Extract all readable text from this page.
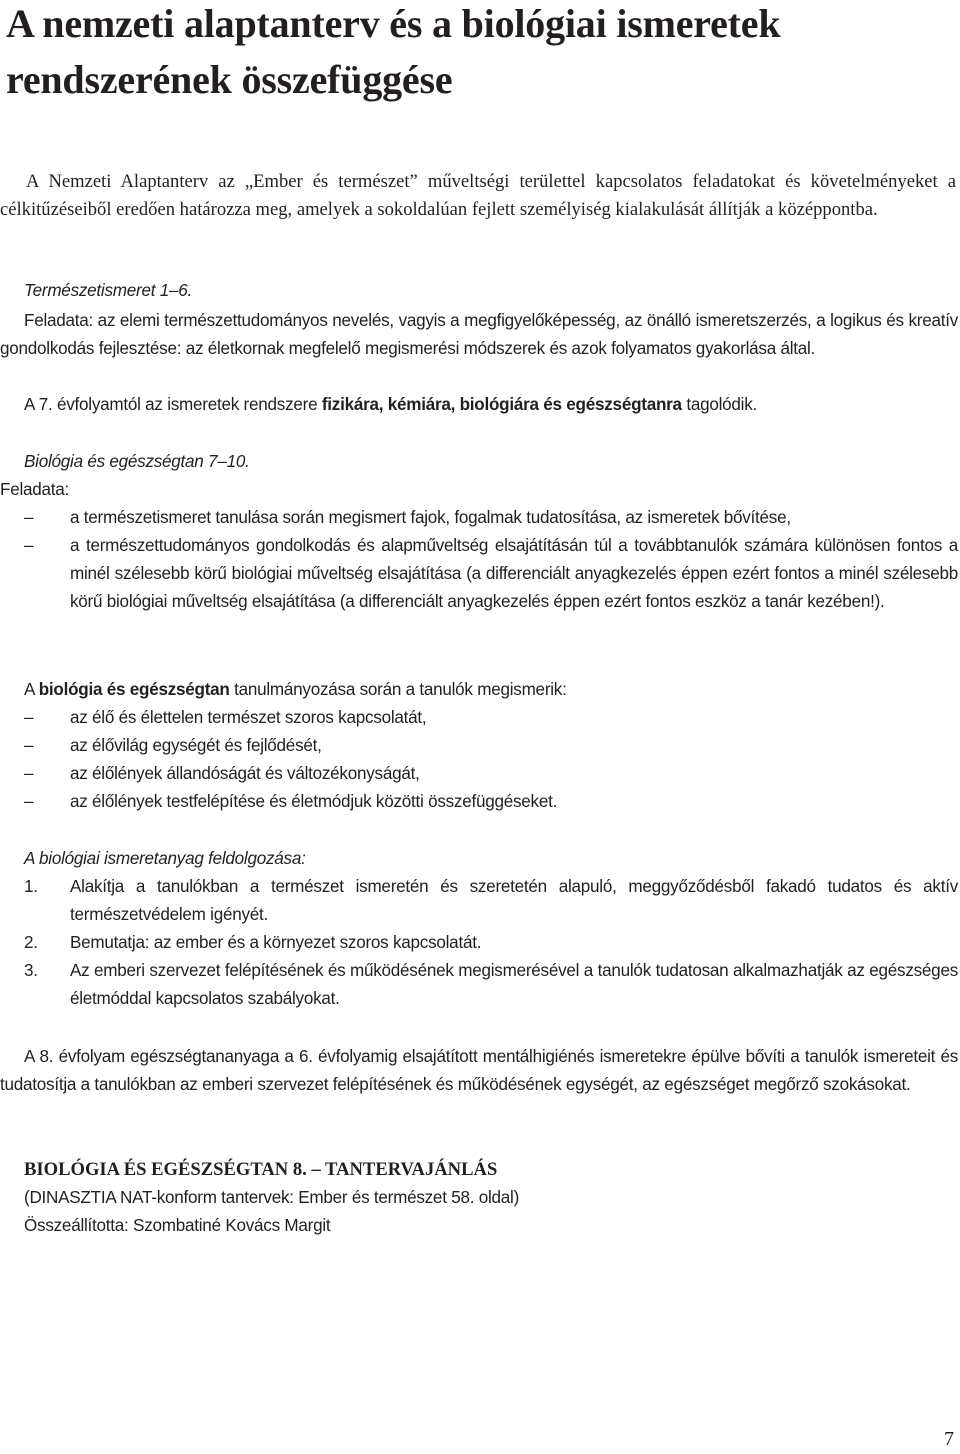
A nemzeti alaptanterv és a biológiai ismeretek
rendszerének összefüggése

A Nemzeti Alaptanterv az „Ember és természet” műveltségi területtel kapcsolatos feladatokat és követelményeket a célkitűzéseiből eredően határozza meg, amelyek a sokoldalúan fejlett személyiség kialakulását állítják a középpontba.

Természetismeret 1–6.

Feladata: az elemi természettudományos nevelés, vagyis a megfigyelőképesség, az önálló ismeretszerzés, a logikus és kreatív gondolkodás fejlesztése: az életkornak megfelelő megismerési módszerek és azok folyamatos gyakorlása által.

A 7. évfolyamtól az ismeretek rendszere fizikára, kémiára, biológiára és egészségtanra tagolódik.

Biológia és egészségtan 7–10.

Feladata:

–	a természetismeret tanulása során megismert fajok, fogalmak tudatosítása, az ismeretek bővítése,
–	a természettudományos gondolkodás és alapműveltség elsajátításán túl a továbbtanulók számára különösen fontos a minél szélesebb körű biológiai műveltség elsajátítása (a differenciált anyagkezelés éppen ezért fontos a minél szélesebb körű biológiai műveltség elsajátítása (a differenciált anyagkezelés éppen ezért fontos eszköz a tanár kezében!).

A biológia és egészségtan tanulmányozása során a tanulók megismerik:

–	az élő és élettelen természet szoros kapcsolatát,
–	az élővilág egységét és fejlődését,
–	az élőlények állandóságát és változékonyságát,
–	az élőlények testfelépítése és életmódjuk közötti összefüggéseket.

A biológiai ismeretanyag feldolgozása:

1.	Alakítja a tanulókban a természet ismeretén és szeretetén alapuló, meggyőződésből fakadó tudatos és aktív természetvédelem igényét.
2.	Bemutatja: az ember és a környezet szoros kapcsolatát.
3.	Az emberi szervezet felépítésének és működésének megismerésével a tanulók tudatosan alkalmazhatják az egészséges életmóddal kapcsolatos szabályokat.

A 8. évfolyam egészségtananyaga a 6. évfolyamig elsajátított mentálhigiénés ismeretekre épülve bővíti a tanulók ismereteit és tudatosítja a tanulókban az emberi szervezet felépítésének és működésének egységét, az egészséget megőrző szokásokat.

BIOLÓGIA ÉS EGÉSZSÉGTAN 8. – TANTERVAJÁNLÁS
(DINASZTIA NAT-konform tantervek: Ember és természet 58. oldal)
Összeállította: Szombatiné Kovács Margit
7
